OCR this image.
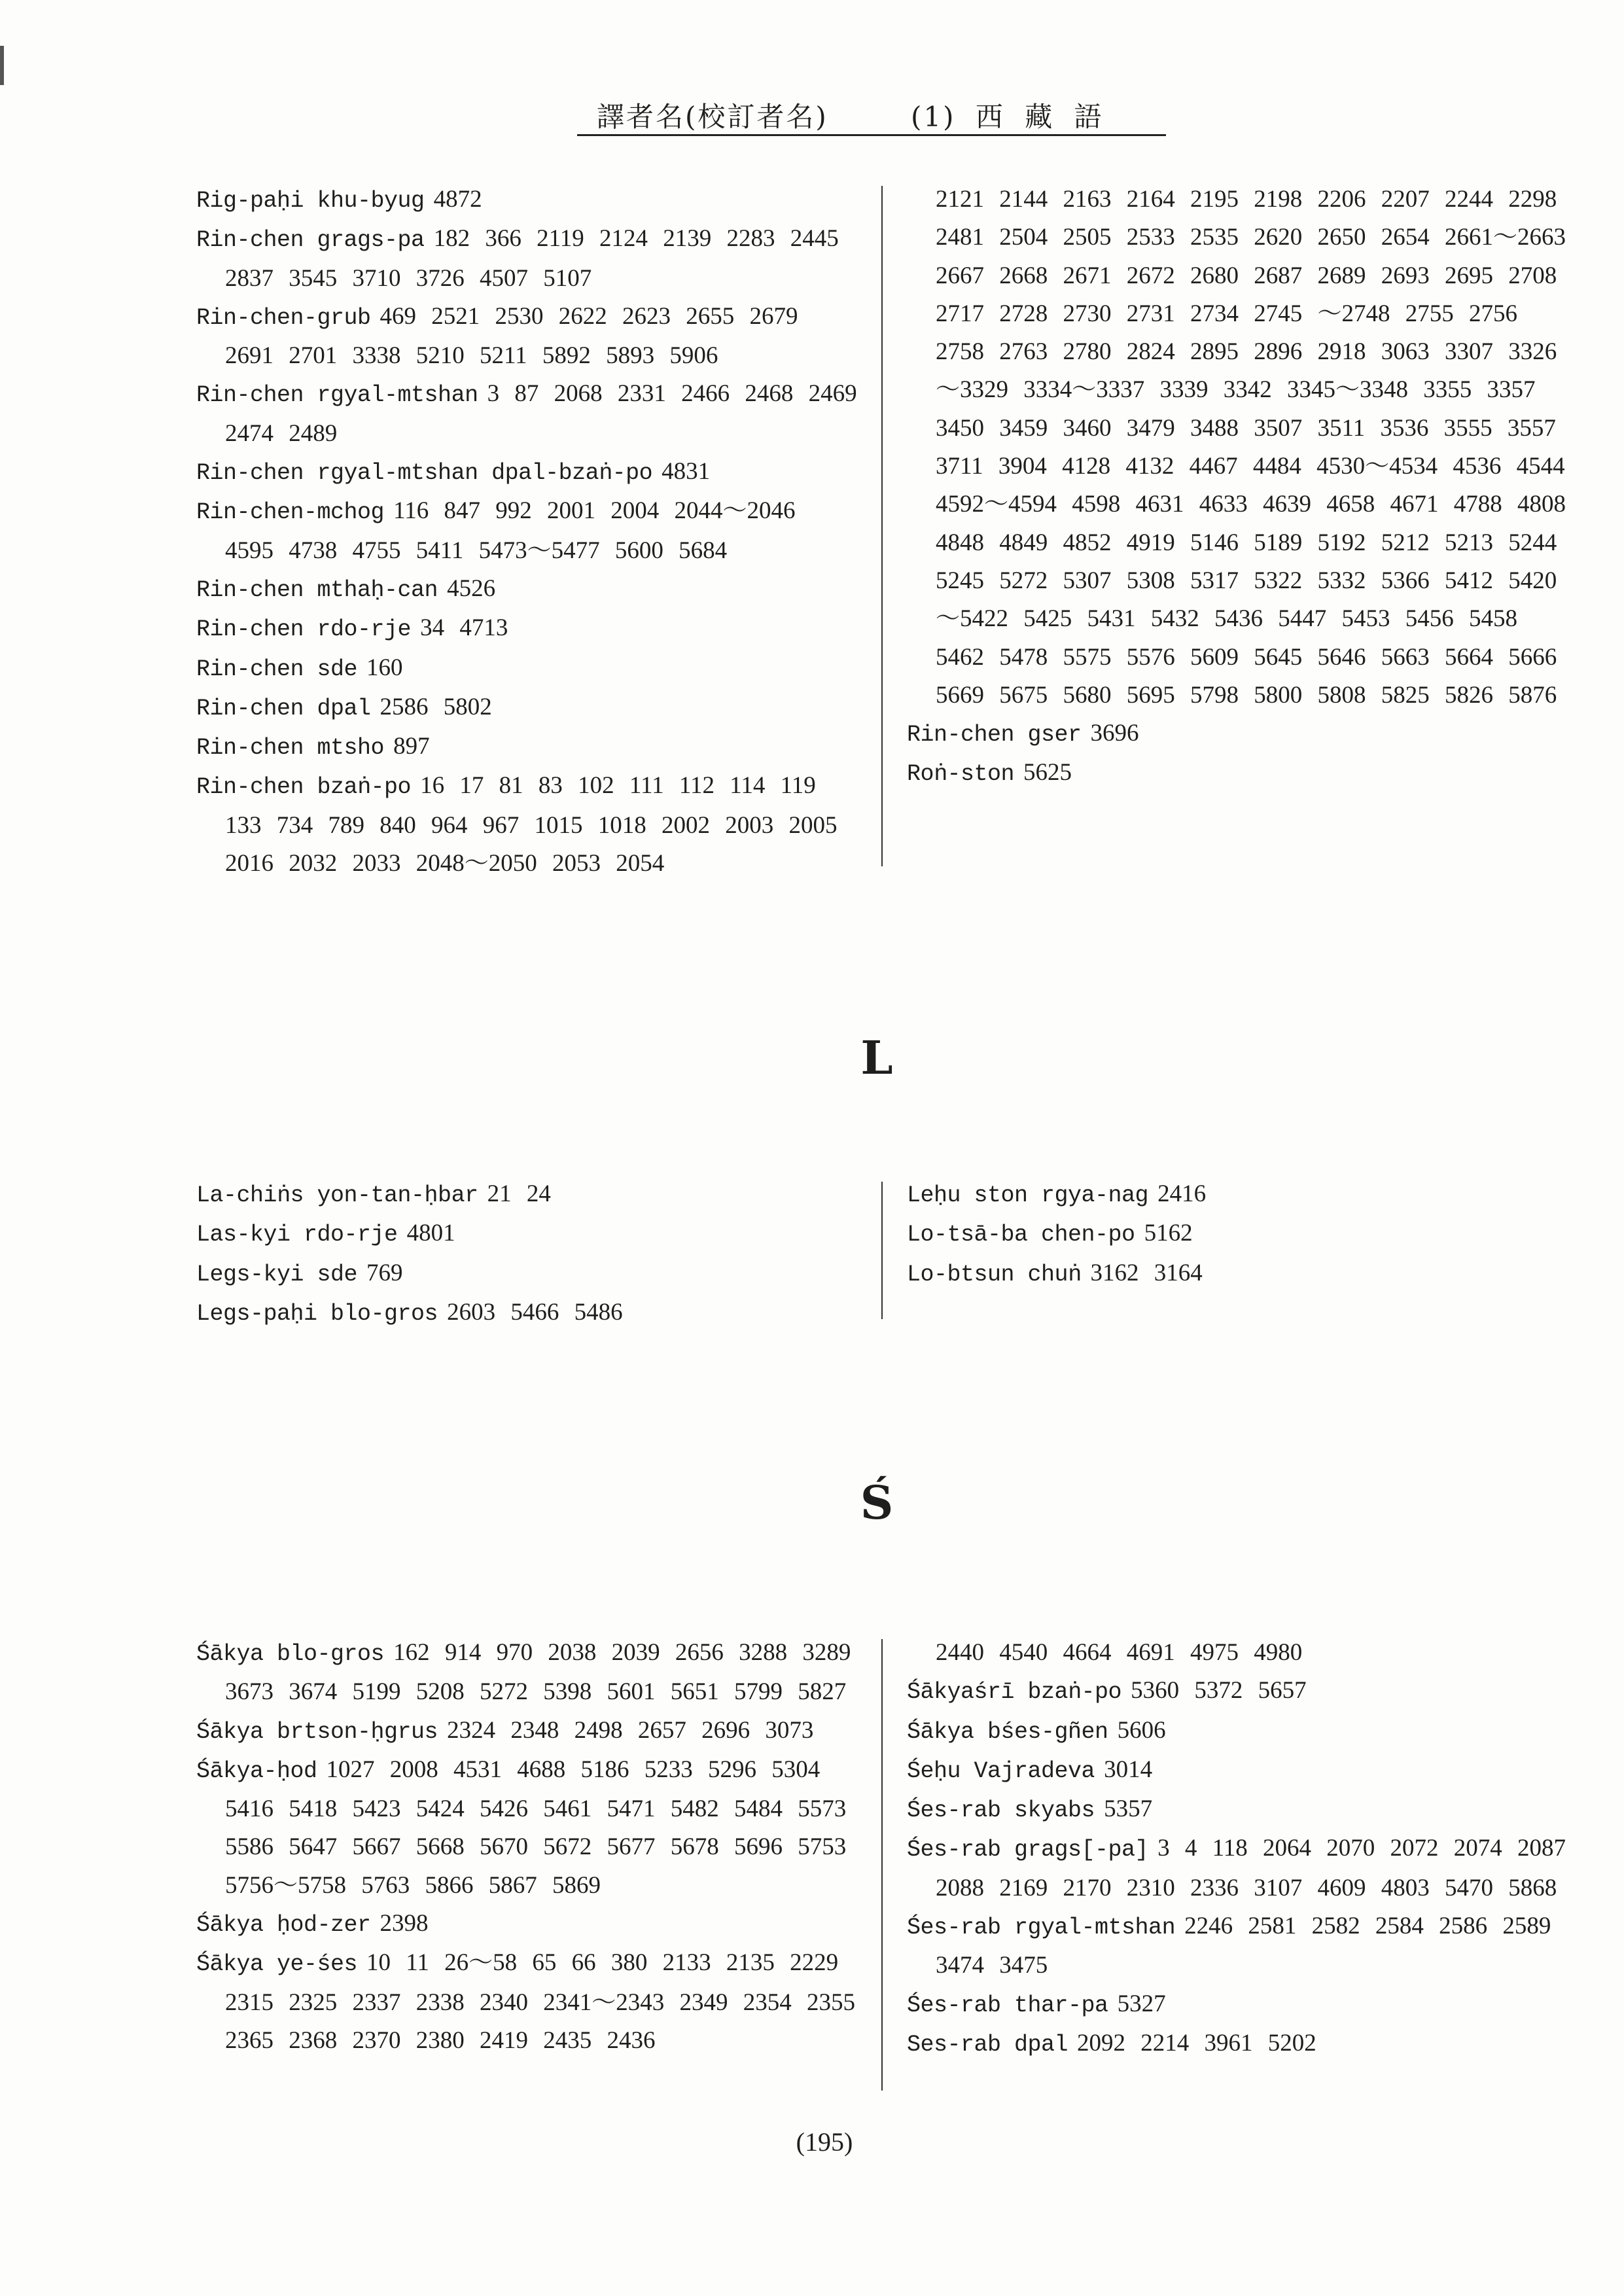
譯者名(校訂者名)	(1) 西 藏 語
Rig-paḥi khu-byug 4872
Rin-chen grags-pa 182 366 2119 2124 2139 2283 2445 2837 3545 3710 3726 4507 5107
Rin-chen-grub 469 2521 2530 2622 2623 2655 2679 2691 2701 3338 5210 5211 5892 5893 5906
Rin-chen rgyal-mtshan 3 87 2068 2331 2466 2468 2469 2474 2489
Rin-chen rgyal-mtshan dpal-bzaṅ-po 4831
Rin-chen-mchog 116 847 992 2001 2004 2044～2046 4595 4738 4755 5411 5473～5477 5600 5684
Rin-chen mthaḥ-can 4526
Rin-chen rdo-rje 34 4713
Rin-chen sde 160
Rin-chen dpal 2586 5802
Rin-chen mtsho 897
Rin-chen bzaṅ-po 16 17 81 83 102 111 112 114 119 133 734 789 840 964 967 1015 1018 2002 2003 2005 2016 2032 2033 2048～2050 2053 2054
2121 2144 2163 2164 2195 2198 2206 2207 2244 2298 2481 2504 2505 2533 2535 2620 2650 2654 2661～2663 2667 2668 2671 2672 2680 2687 2689 2693 2695 2708 2717 2728 2730 2731 2734 2745 ～2748 2755 2756 2758 2763 2780 2824 2895 2896 2918 3063 3307 3326～3329 3334～3337 3339 3342 3345～3348 3355 3357 3450 3459 3460 3479 3488 3507 3511 3536 3555 3557 3711 3904 4128 4132 4467 4484 4530～4534 4536 4544 4592～4594 4598 4631 4633 4639 4658 4671 4788 4808 4848 4849 4852 4919 5146 5189 5192 5212 5213 5244 5245 5272 5307 5308 5317 5322 5332 5366 5412 5420～5422 5425 5431 5432 5436 5447 5453 5456 5458 5462 5478 5575 5576 5609 5645 5646 5663 5664 5666 5669 5675 5680 5695 5798 5800 5808 5825 5826 5876
Rin-chen gser 3696
Roṅ-ston 5625
L
La-chiṅs yon-tan-ḥbar 21 24
Las-kyi rdo-rje 4801
Legs-kyi sde 769
Legs-paḥi blo-gros 2603 5466 5486
Leḥu ston rgya-nag 2416
Lo-tsā-ba chen-po 5162
Lo-btsun chuṅ 3162 3164
Ś
Śākya blo-gros 162 914 970 2038 2039 2656 3288 3289 3673 3674 5199 5208 5272 5398 5601 5651 5799 5827
Śākya brtson-ḥgrus 2324 2348 2498 2657 2696 3073
Śākya-ḥod 1027 2008 4531 4688 5186 5233 5296 5304 5416 5418 5423 5424 5426 5461 5471 5482 5484 5573 5586 5647 5667 5668 5670 5672 5677 5678 5696 5753 5756～5758 5763 5866 5867 5869
Śākya ḥod-zer 2398
Śākya ye-śes 10 11 26～58 65 66 380 2133 2135 2229 2315 2325 2337 2338 2340 2341～2343 2349 2354 2355 2365 2368 2370 2380 2419 2435 2436
2440 4540 4664 4691 4975 4980
Śākyaśrī bzaṅ-po 5360 5372 5657
Śākya bśes-gñen 5606
Śeḥu Vajradeva 3014
Śes-rab skyabs 5357
Śes-rab grags[-pa] 3 4 118 2064 2070 2072 2074 2087 2088 2169 2170 2310 2336 3107 4609 4803 5470 5868
Śes-rab rgyal-mtshan 2246 2581 2582 2584 2586 2589 3474 3475
Śes-rab thar-pa 5327
Ses-rab dpal 2092 2214 3961 5202
(195)
